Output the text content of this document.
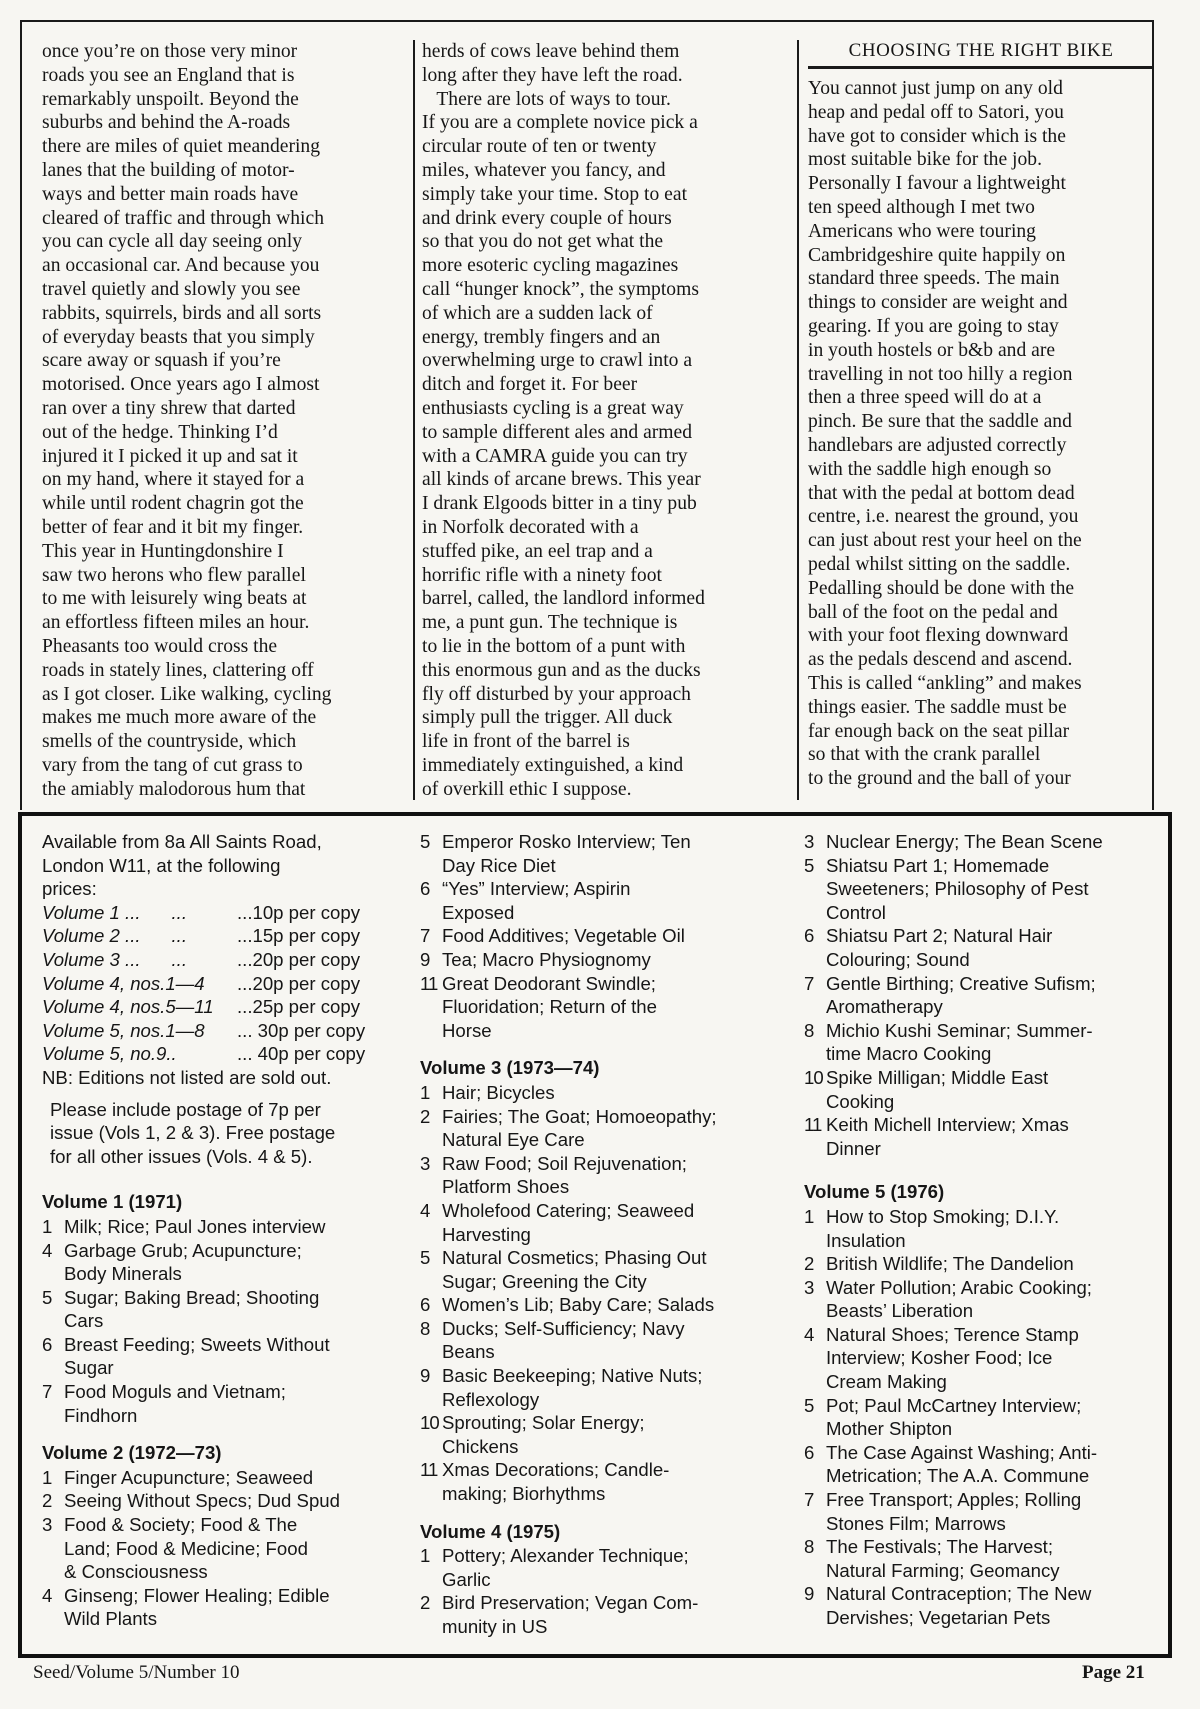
once you’re on those very minor

roads you see an England that is

remarkably unspoilt. Beyond the

suburbs and behind the A-roads

there are miles of quiet meandering

lanes that the building of motor-

ways and better main roads have

cleared of traffic and through which

you can cycle all day seeing only

an occasional car. And because you

travel quietly and slowly you see

rabbits, squirrels, birds and all sorts

of everyday beasts that you simply

scare away or squash if you’re

motorised. Once years ago I almost

ran over a tiny shrew that darted

out of the hedge. Thinking I’d

injured it I picked it up and sat it

on my hand, where it stayed for a

while until rodent chagrin got the

better of fear and it bit my finger.

This year in Huntingdonshire I

saw two herons who flew parallel

to me with leisurely wing beats at

an effortless fifteen miles an hour.

Pheasants too would cross the

roads in stately lines, clattering off

as I got closer. Like walking, cycling

makes me much more aware of the

smells of the countryside, which

vary from the tang of cut grass to

the amiably malodorous hum that

herds of cows leave behind them

long after they have left the road.

There are lots of ways to tour.

If you are a complete novice pick a

circular route of ten or twenty

miles, whatever you fancy, and

simply take your time. Stop to eat

and drink every couple of hours

so that you do not get what the

more esoteric cycling magazines

call “hunger knock”, the symptoms

of which are a sudden lack of

energy, trembly fingers and an

overwhelming urge to crawl into a

ditch and forget it. For beer

enthusiasts cycling is a great way

to sample different ales and armed

with a CAMRA guide you can try

all kinds of arcane brews. This year

I drank Elgoods bitter in a tiny pub

in Norfolk decorated with a

stuffed pike, an eel trap and a

horrific rifle with a ninety foot

barrel, called, the landlord informed

me, a punt gun. The technique is

to lie in the bottom of a punt with

this enormous gun and as the ducks

fly off disturbed by your approach

simply pull the trigger. All duck

life in front of the barrel is

immediately extinguished, a kind

of overkill ethic I suppose.

CHOOSING THE RIGHT BIKE

You cannot just jump on any old

heap and pedal off to Satori, you

have got to consider which is the

most suitable bike for the job.

Personally I favour a lightweight

ten speed although I met two

Americans who were touring

Cambridgeshire quite happily on

standard three speeds. The main

things to consider are weight and

gearing. If you are going to stay

in youth hostels or b&b and are

travelling in not too hilly a region

then a three speed will do at a

pinch. Be sure that the saddle and

handlebars are adjusted correctly

with the saddle high enough so

that with the pedal at bottom dead

centre, i.e. nearest the ground, you

can just about rest your heel on the

pedal whilst sitting on the saddle.

Pedalling should be done with the

ball of the foot on the pedal and

with your foot flexing downward

as the pedals descend and ascend.

This is called “ankling” and makes

things easier. The saddle must be

far enough back on the seat pillar

so that with the crank parallel

to the ground and the ball of your

Available from 8a All Saints Road,
London W11, at the following
prices:
Volume 1 ...      ...	...10p per copy
Volume 2 ...      ...	...15p per copy
Volume 3 ...      ...	...20p per copy
Volume 4, nos.1—4	...20p per copy
Volume 4, nos.5—11	...25p per copy
Volume 5, nos.1—8	... 30p per copy
Volume 5, no.9..	... 40p per copy
NB: Editions not listed are sold out.
Please include postage of 7p per
issue (Vols 1, 2 & 3). Free postage
for all other issues (Vols. 4 & 5).
Volume 1 (1971)
1 Milk; Rice; Paul Jones interview
4 Garbage Grub; Acupuncture;
Body Minerals
5 Sugar; Baking Bread; Shooting
Cars
6 Breast Feeding; Sweets Without
Sugar
7 Food Moguls and Vietnam;
Findhorn
Volume 2 (1972—73)
1 Finger Acupuncture; Seaweed
2 Seeing Without Specs; Dud Spud
3 Food & Society; Food & The
Land; Food & Medicine; Food
& Consciousness
4 Ginseng; Flower Healing; Edible
Wild Plants
5 Emperor Rosko Interview; Ten
Day Rice Diet
6 “Yes” Interview; Aspirin
Exposed
7 Food Additives; Vegetable Oil
9 Tea; Macro Physiognomy
11 Great Deodorant Swindle;
Fluoridation; Return of the
Horse
Volume 3 (1973—74)
1 Hair; Bicycles
2 Fairies; The Goat; Homoeopathy;
Natural Eye Care
3 Raw Food; Soil Rejuvenation;
Platform Shoes
4 Wholefood Catering; Seaweed
Harvesting
5 Natural Cosmetics; Phasing Out
Sugar; Greening the City
6 Women’s Lib; Baby Care; Salads
8 Ducks; Self-Sufficiency; Navy
Beans
9 Basic Beekeeping; Native Nuts;
Reflexology
10 Sprouting; Solar Energy;
Chickens
11 Xmas Decorations; Candle-
making; Biorhythms
Volume 4 (1975)
1 Pottery; Alexander Technique;
Garlic
2 Bird Preservation; Vegan Com-
munity in US
3 Nuclear Energy; The Bean Scene
5 Shiatsu Part 1; Homemade
Sweeteners; Philosophy of Pest
Control
6 Shiatsu Part 2; Natural Hair
Colouring; Sound
7 Gentle Birthing; Creative Sufism;
Aromatherapy
8 Michio Kushi Seminar; Summer-
time Macro Cooking
10 Spike Milligan; Middle East
Cooking
11 Keith Michell Interview; Xmas
Dinner
Volume 5 (1976)
1 How to Stop Smoking; D.I.Y.
Insulation
2 British Wildlife; The Dandelion
3 Water Pollution; Arabic Cooking;
Beasts’ Liberation
4 Natural Shoes; Terence Stamp
Interview; Kosher Food; Ice
Cream Making
5 Pot; Paul McCartney Interview;
Mother Shipton
6 The Case Against Washing; Anti-
Metrication; The A.A. Commune
7 Free Transport; Apples; Rolling
Stones Film; Marrows
8 The Festivals; The Harvest;
Natural Farming; Geomancy
9 Natural Contraception; The New
Dervishes; Vegetarian Pets
Seed/Volume 5/Number 10	Page 21
